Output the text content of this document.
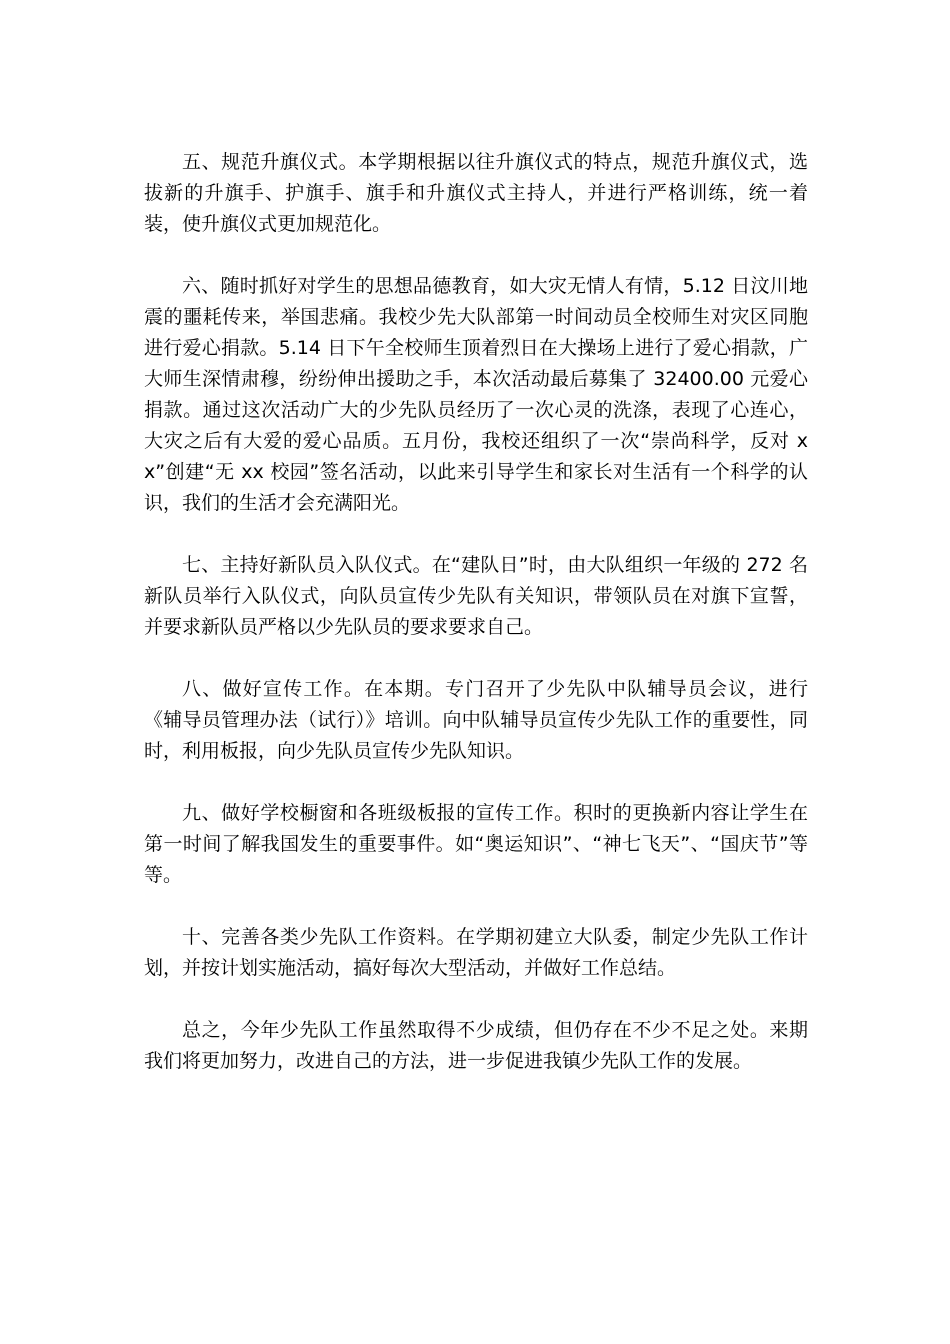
五、规范升旗仪式。本学期根据以往升旗仪式的特点，规范升旗仪式，选拔新的升旗手、护旗手、旗手和升旗仪式主持人，并进行严格训练，统一着装，使升旗仪式更加规范化。

六、随时抓好对学生的思想品德教育，如大灾无情人有情，5.12 日汶川地震的噩耗传来，举国悲痛。我校少先大队部第一时间动员全校师生对灾区同胞进行爱心捐款。5.14 日下午全校师生顶着烈日在大操场上进行了爱心捐款，广大师生深情肃穆，纷纷伸出援助之手，本次活动最后募集了 32400.00 元爱心捐款。通过这次活动广大的少先队员经历了一次心灵的洗涤，表现了心连心，大灾之后有大爱的爱心品质。五月份，我校还组织了一次“崇尚科学，反对 xx”创建“无 xx 校园”签名活动，以此来引导学生和家长对生活有一个科学的认识，我们的生活才会充满阳光。

七、主持好新队员入队仪式。在“建队日”时，由大队组织一年级的 272 名新队员举行入队仪式，向队员宣传少先队有关知识，带领队员在对旗下宣誓，并要求新队员严格以少先队员的要求要求自己。

八、做好宣传工作。在本期。专门召开了少先队中队辅导员会议，进行《辅导员管理办法（试行）》培训。向中队辅导员宣传少先队工作的重要性，同时，利用板报，向少先队员宣传少先队知识。

九、做好学校橱窗和各班级板报的宣传工作。积时的更换新内容让学生在第一时间了解我国发生的重要事件。如“奥运知识”、“神七飞天”、“国庆节”等等。

十、完善各类少先队工作资料。在学期初建立大队委，制定少先队工作计划，并按计划实施活动，搞好每次大型活动，并做好工作总结。

总之，今年少先队工作虽然取得不少成绩，但仍存在不少不足之处。来期我们将更加努力，改进自己的方法，进一步促进我镇少先队工作的发展。
